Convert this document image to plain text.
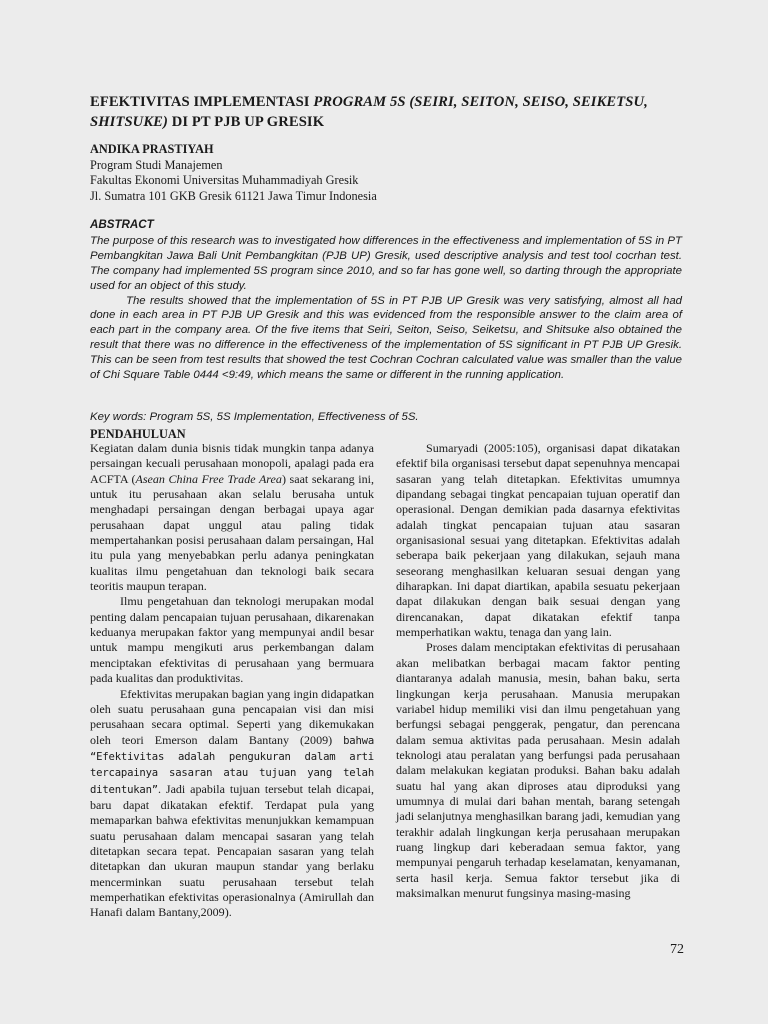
EFEKTIVITAS IMPLEMENTASI PROGRAM 5S (SEIRI, SEITON, SEISO, SEIKETSU, SHITSUKE) DI PT PJB UP GRESIK
ANDIKA PRASTIYAH
Program Studi Manajemen
Fakultas Ekonomi Universitas Muhammadiyah Gresik
Jl. Sumatra 101 GKB Gresik 61121 Jawa Timur Indonesia
ABSTRACT

The purpose of this research was to investigated how differences in the effectiveness and implementation of 5S in PT Pembangkitan Jawa Bali Unit Pembangkitan (PJB UP) Gresik, used descriptive analysis and test tool cocrhan test. The company had implemented 5S program since 2010, and so far has gone well, so darting through the appropriate used for an object of this study.

The results showed that the implementation of 5S in PT PJB UP Gresik was very satisfying, almost all had done in each area in PT PJB UP Gresik and this was evidenced from the responsible answer to the claim area of each part in the company area. Of the five items that Seiri, Seiton, Seiso, Seiketsu, and Shitsuke also obtained the result that there was no difference in the effectiveness of the implementation of 5S significant in PT PJB UP Gresik. This can be seen from test results that showed the test Cochran Cochran calculated value was smaller than the value of Chi Square Table 0444 <9:49, which means the same or different in the running application.

Key words: Program 5S, 5S Implementation, Effectiveness of 5S.
PENDAHULUAN

Kegiatan dalam dunia bisnis tidak mungkin tanpa adanya persaingan kecuali perusahaan monopoli, apalagi pada era ACFTA (Asean China Free Trade Area) saat sekarang ini, untuk itu perusahaan akan selalu berusaha untuk menghadapi persaingan dengan berbagai upaya agar perusahaan dapat unggul atau paling tidak mempertahankan posisi perusahaan dalam persaingan, Hal itu pula yang menyebabkan perlu adanya peningkatan kualitas ilmu pengetahuan dan teknologi baik secara teoritis maupun terapan.

Ilmu pengetahuan dan teknologi merupakan modal penting dalam pencapaian tujuan perusahaan, dikarenakan keduanya merupakan faktor yang mempunyai andil besar untuk mampu mengikuti arus perkembangan dalam menciptakan efektivitas di perusahaan yang bermuara pada kualitas dan produktivitas.

Efektivitas merupakan bagian yang ingin didapatkan oleh suatu perusahaan guna pencapaian visi dan misi perusahaan secara optimal. Seperti yang dikemukakan oleh teori Emerson dalam Bantany (2009) bahwa “Efektivitas adalah pengukuran dalam arti tercapainya sasaran atau tujuan yang telah ditentukan”. Jadi apabila tujuan tersebut telah dicapai, baru dapat dikatakan efektif. Terdapat pula yang memaparkan bahwa efektivitas menunjukkan kemampuan suatu perusahaan dalam mencapai sasaran yang telah ditetapkan secara tepat. Pencapaian sasaran yang telah ditetapkan dan ukuran maupun standar yang berlaku mencerminkan suatu perusahaan tersebut telah memperhatikan efektivitas operasionalnya (Amirullah dan Hanafi dalam Bantany,2009).

Sumaryadi (2005:105), organisasi dapat dikatakan efektif bila organisasi tersebut dapat sepenuhnya mencapai sasaran yang telah ditetapkan. Efektivitas umumnya dipandang sebagai tingkat pencapaian tujuan operatif dan operasional. Dengan demikian pada dasarnya efektivitas adalah tingkat pencapaian tujuan atau sasaran organisasional sesuai yang ditetapkan. Efektivitas adalah seberapa baik pekerjaan yang dilakukan, sejauh mana seseorang menghasilkan keluaran sesuai dengan yang diharapkan. Ini dapat diartikan, apabila sesuatu pekerjaan dapat dilakukan dengan baik sesuai dengan yang direncanakan, dapat dikatakan efektif tanpa memperhatikan waktu, tenaga dan yang lain.

Proses dalam menciptakan efektivitas di perusahaan akan melibatkan berbagai macam faktor penting diantaranya adalah manusia, mesin, bahan baku, serta lingkungan kerja perusahaan. Manusia merupakan variabel hidup memiliki visi dan ilmu pengetahuan yang berfungsi sebagai penggerak, pengatur, dan perencana dalam semua aktivitas pada perusahaan. Mesin adalah teknologi atau peralatan yang berfungsi pada perusahaan dalam melakukan kegiatan produksi. Bahan baku adalah suatu hal yang akan diproses atau diproduksi yang umumnya di mulai dari bahan mentah, barang setengah jadi selanjutnya menghasilkan barang jadi, kemudian yang terakhir adalah lingkungan kerja perusahaan merupakan ruang lingkup dari keberadaan semua faktor, yang mempunyai pengaruh terhadap keselamatan, kenyamanan, serta hasil kerja. Semua faktor tersebut jika di maksimalkan menurut fungsinya masing-masing

72
